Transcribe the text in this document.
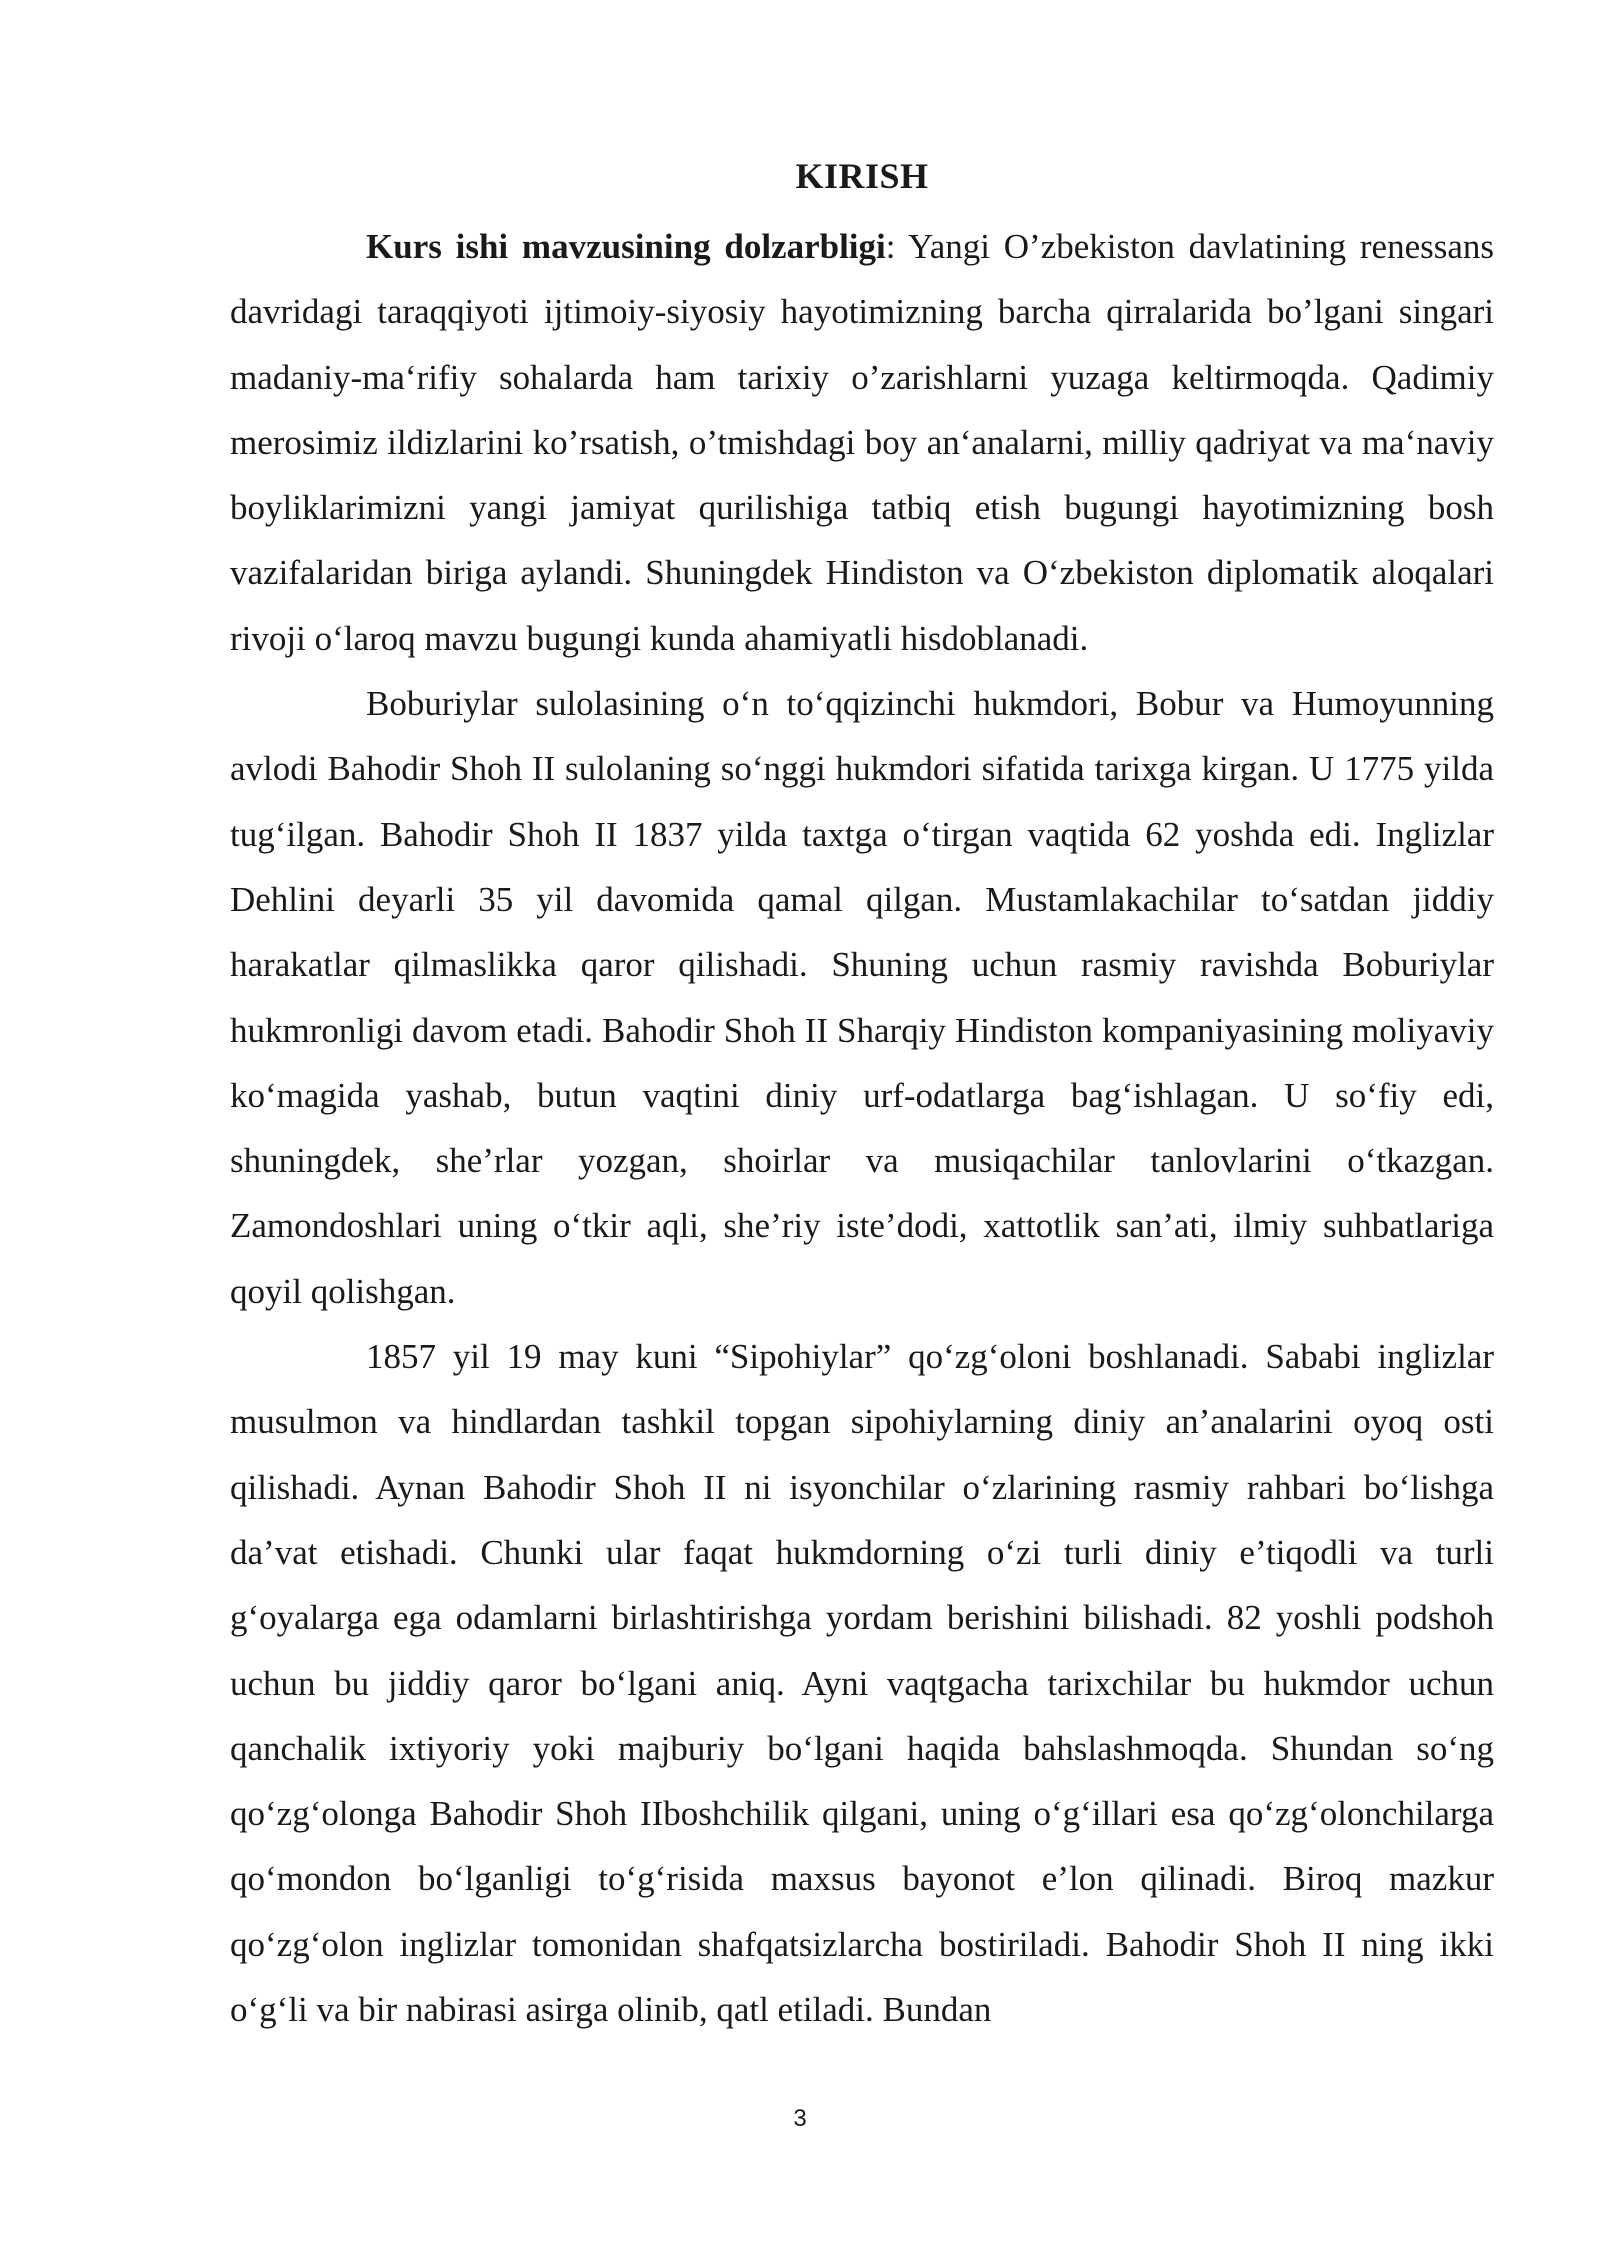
KIRISH

Kurs ishi mavzusining dolzarbligi: Yangi O’zbekiston davlatining renessans davridagi taraqqiyoti ijtimoiy-siyosiy hayotimizning barcha qirralarida bo’lgani singari madaniy-ma‘rifiy sohalarda ham tarixiy o’zarishlarni yuzaga keltirmoqda. Qadimiy merosimiz ildizlarini ko’rsatish, o’tmishdagi boy an‘analarni, milliy qadriyat va ma‘naviy boyliklarimizni yangi jamiyat qurilishiga tatbiq etish bugungi hayotimizning bosh vazifalaridan biriga aylandi. Shuningdek Hindiston va O‘zbekiston diplomatik aloqalari rivoji o‘laroq mavzu bugungi kunda ahamiyatli hisdoblanadi.

Boburiylar sulolasining o‘n to‘qqizinchi hukmdori, Bobur va Humoyunning avlodi Bahodir Shoh II sulolaning so‘nggi hukmdori sifatida tarixga kirgan. U 1775 yilda tug‘ilgan. Bahodir Shoh II 1837 yilda taxtga o‘tirgan vaqtida 62 yoshda edi. Inglizlar Dehlini deyarli 35 yil davomida qamal qilgan. Mustamlakachilar to‘satdan jiddiy harakatlar qilmaslikka qaror qilishadi. Shuning uchun rasmiy ravishda Boburiylar hukmronligi davom etadi. Bahodir Shoh II Sharqiy Hindiston kompaniyasining moliyaviy ko‘magida yashab, butun vaqtini diniy urf-odatlarga bag‘ishlagan. U so‘fiy edi, shuningdek, she’rlar yozgan, shoirlar va musiqachilar tanlovlarini o‘tkazgan. Zamondoshlari uning o‘tkir aqli, she’riy iste’dodi, xattotlik san’ati, ilmiy suhbatlariga qoyil qolishgan.

1857 yil 19 may kuni “Sipohiylar” qo‘zg‘oloni boshlanadi. Sababi inglizlar musulmon va hindlardan tashkil topgan sipohiylarning diniy an’analarini oyoq osti qilishadi. Aynan Bahodir Shoh II ni isyonchilar o‘zlarining rasmiy rahbari bo‘lishga da’vat etishadi. Chunki ular faqat hukmdorning o‘zi turli diniy e’tiqodli va turli g‘oyalarga ega odamlarni birlashtirishga yordam berishini bilishadi. 82 yoshli podshoh uchun bu jiddiy qaror bo‘lgani aniq. Ayni vaqtgacha tarixchilar bu hukmdor uchun qanchalik ixtiyoriy yoki majburiy bo‘lgani haqida bahslashmoqda. Shundan so‘ng qo‘zg‘olonga Bahodir Shoh IIboshchilik qilgani, uning o‘g‘illari esa qo‘zg‘olonchilarga qo‘mondon bo‘lganligi to‘g‘risida maxsus bayonot e’lon qilinadi. Biroq mazkur qo‘zg‘olon inglizlar tomonidan shafqatsizlarcha bostiriladi. Bahodir Shoh II ning ikki o‘g‘li va bir nabirasi asirga olinib, qatl etiladi. Bundan

3
